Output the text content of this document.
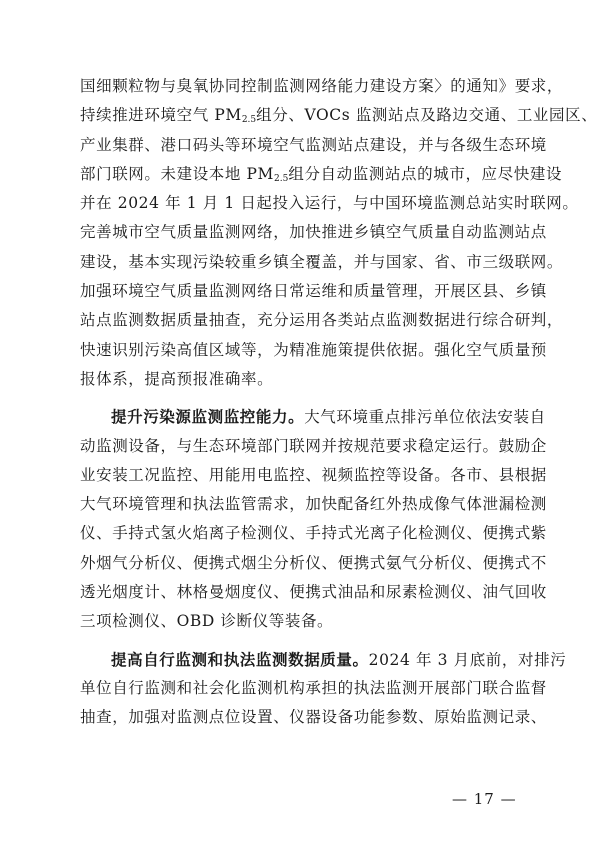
国细颗粒物与臭氧协同控制监测网络能力建设方案〉的通知》要求，
持续推进环境空气 $PM_{2.5}$组分、VOCs 监测站点及路边交通、工业园区、
产业集群、港口码头等环境空气监测站点建设，并与各级生态环境
部门联网。未建设本地 $PM_{2.5}$组分自动监测站点的城市，应尽快建设
并在 2024 年 1 月 1 日起投入运行，与中国环境监测总站实时联网。
完善城市空气质量监测网络，加快推进乡镇空气质量自动监测站点
建设，基本实现污染较重乡镇全覆盖，并与国家、省、市三级联网。
加强环境空气质量监测网络日常运维和质量管理，开展区县、乡镇
站点监测数据质量抽查，充分运用各类站点监测数据进行综合研判，
快速识别污染高值区域等，为精准施策提供依据。强化空气质量预
报体系，提高预报准确率。
提升污染源监测监控能力。大气环境重点排污单位依法安装自
动监测设备，与生态环境部门联网并按规范要求稳定运行。鼓励企
业安装工况监控、用能用电监控、视频监控等设备。各市、县根据
大气环境管理和执法监管需求，加快配备红外热成像气体泄漏检测
仪、手持式氢火焰离子检测仪、手持式光离子化检测仪、便携式紫
外烟气分析仪、便携式烟尘分析仪、便携式氨气分析仪、便携式不
透光烟度计、林格曼烟度仪、便携式油品和尿素检测仪、油气回收
三项检测仪、OBD 诊断仪等装备。
提高自行监测和执法监测数据质量。2024 年 3 月底前，对排污
单位自行监测和社会化监测机构承担的执法监测开展部门联合监督
抽查，加强对监测点位设置、仪器设备功能参数、原始监测记录、
— 17 —
